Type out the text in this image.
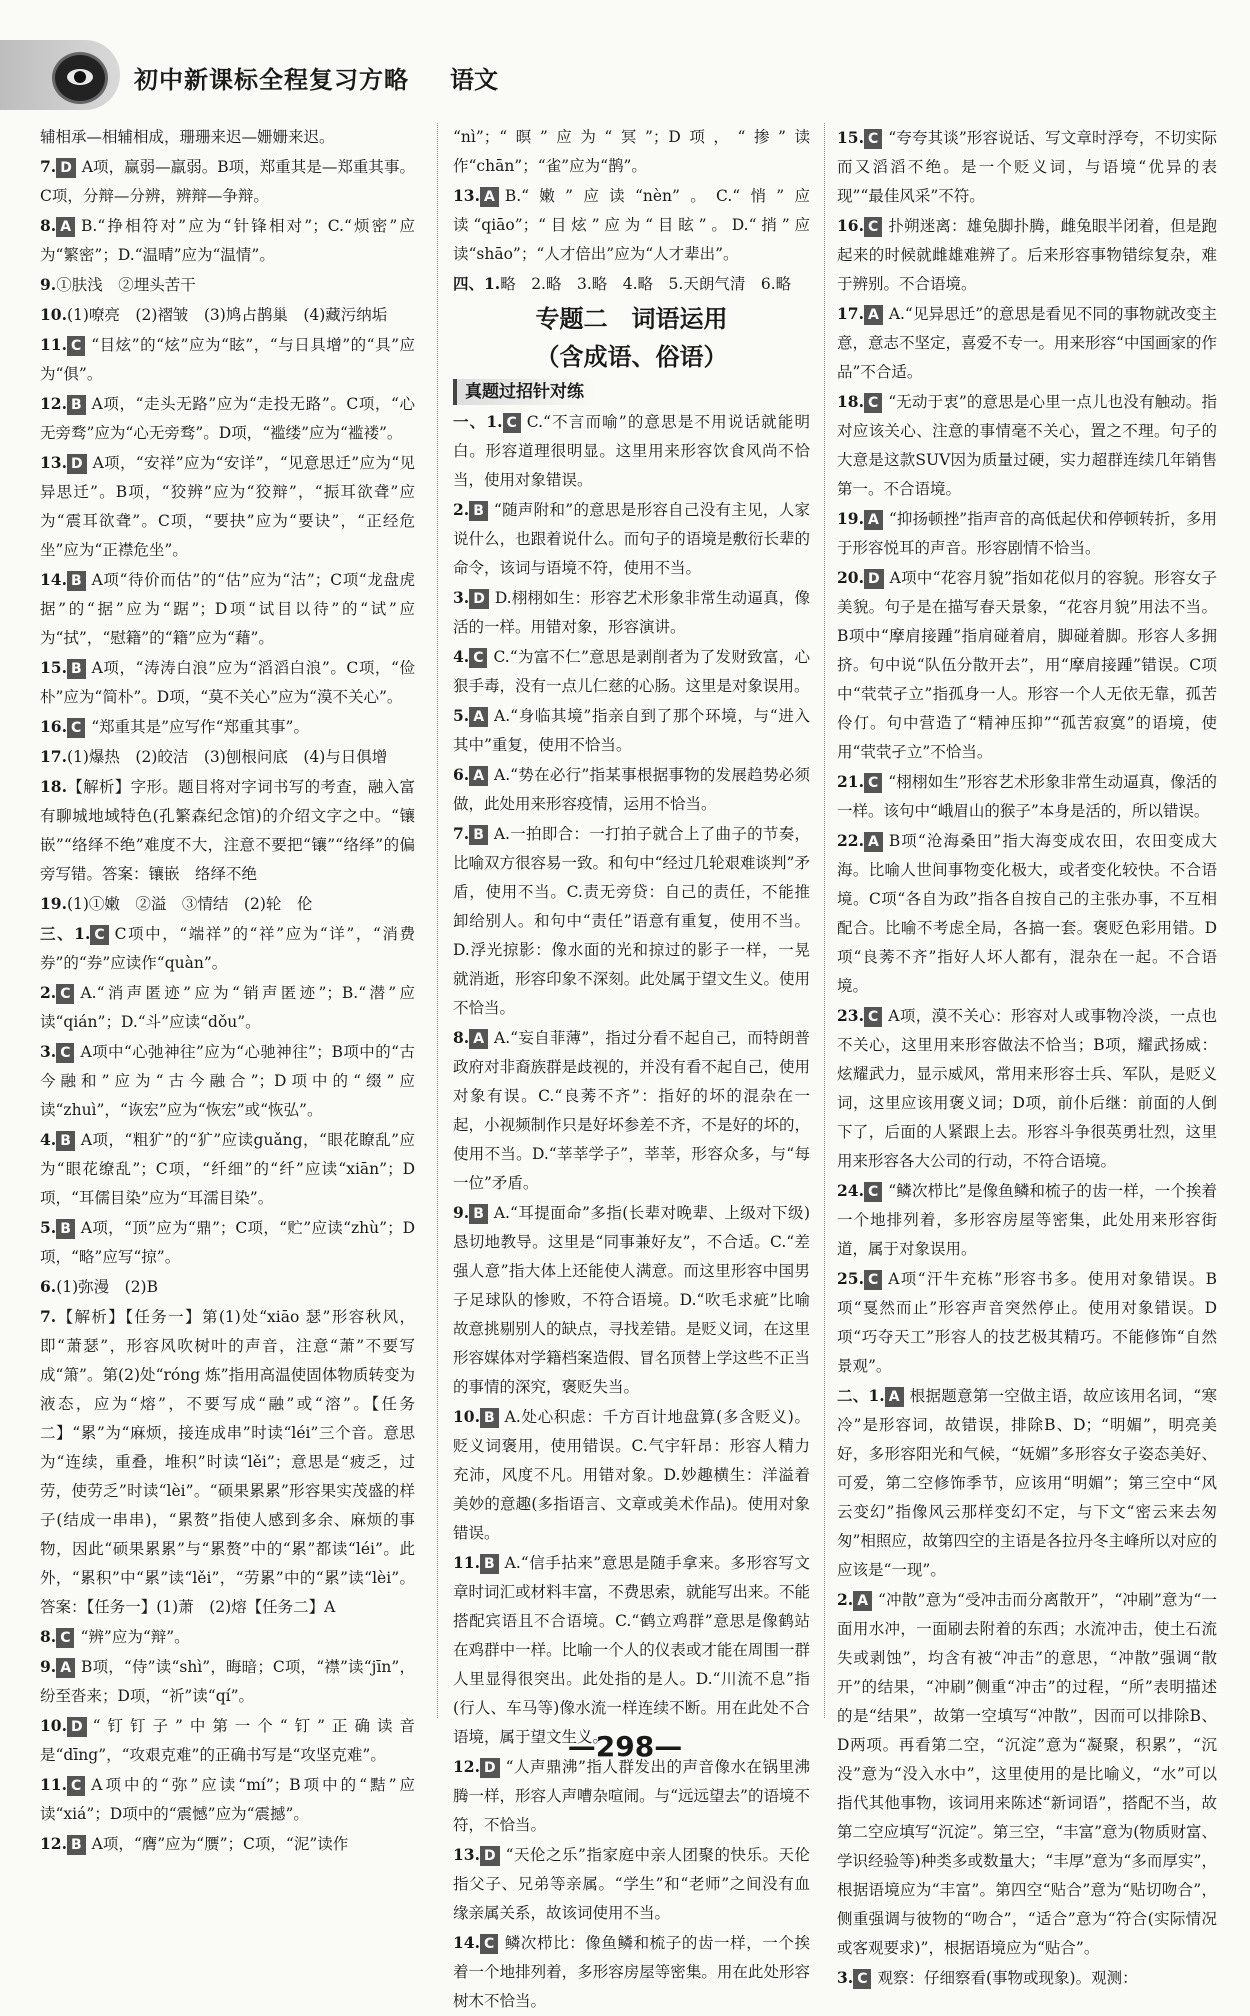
初中新课标全程复习方略 语文

辅相承—相辅相成，珊珊来迟—姗姗来迟。

7. D A项，赢弱—羸弱。B项，郑重其是—郑重其事。C项，分辩—分辨，辨辩—争辩。

8. A B.“挣相符对”应为“针锋相对”；C.“烦密”应为“繁密”；D.“温晴”应为“温情”。

9.①肤浅　②埋头苦干

10.(1)嘹亮　(2)褶皱　(3)鸠占鹊巢　(4)藏污纳垢

11. C “目炫”的“炫”应为“眩”，“与日具增”的“具”应为“俱”。

12. B A项，“走头无路”应为“走投无路”。C项，“心无旁骛”应为“心无旁骛”。D项，“褴缕”应为“褴褛”。

13. D A项，“安祥”应为“安详”，“见意思迁”应为“见异思迁”。B项，“狡辨”应为“狡辩”，“振耳欲聋”应为“震耳欲聋”。C项，“要抉”应为“要诀”，“正经危坐”应为“正襟危坐”。

14. B A项“待价而估”的“估”应为“沽”；C项“龙盘虎据”的“据”应为“踞”；D项“试目以待”的“试”应为“拭”，“慰籍”的“籍”应为“藉”。

15. B A项，“涛涛白浪”应为“滔滔白浪”。C项，“俭朴”应为“简朴”。D项，“莫不关心”应为“漠不关心”。

16. C “郑重其是”应写作“郑重其事”。

17.(1)爆热　(2)皎洁　(3)刨根问底　(4)与日俱增

18.【解析】字形。题目将对字词书写的考查，融入富有聊城地域特色(孔繁森纪念馆)的介绍文字之中。“镶嵌”“络绎不绝”难度不大，注意不要把“镶”“络绎”的偏旁写错。答案：镶嵌　络绎不绝

19.(1)①嫩　②溢　③情结　(2)轮　伦

三、1. C C项中，“端祥”的“祥”应为“详”，“消费券”的“券”应读作“quàn”。

2. C A.“消声匿迹”应为“销声匿迹”；B.“潜”应读“qián”；D.“斗”应读“dǒu”。

3. C A项中“心弛神往”应为“心驰神往”；B项中的“古今融和”应为“古今融合”；D项中的“缀”应读“zhuì”，“诙宏”应为“恢宏”或“恢弘”。

4. B A项，“粗犷”的“犷”应读guǎng，“眼花瞭乱”应为“眼花缭乱”；C项，“纤细”的“纤”应读“xiān”；D项，“耳儒目染”应为“耳濡目染”。

5. B A项，“顶”应为“鼎”；C项，“贮”应读“zhù”；D项，“略”应写“掠”。

6.(1)弥漫　(2)B

7.【解析】【任务一】第(1)处“xiāo 瑟”形容秋风，即“萧瑟”，形容风吹树叶的声音，注意“萧”不要写成“箫”。第(2)处“róng 炼”指用高温使固体物质转变为液态，应为“熔”，不要写成“融”或“溶”。【任务二】“累”为“麻烦，接连成串”时读“léi”三个音。意思为“连续，重叠，堆积”时读“lěi”；意思是“疲乏，过劳，使劳乏”时读“lèi”。“硕果累累”形容果实茂盛的样子(结成一串串)，“累赘”指使人感到多余、麻烦的事物，因此“硕果累累”与“累赘”中的“累”都读“léi”。此外，“累积”中“累”读“lěi”，“劳累”中的“累”读“lèi”。答案：【任务一】(1)萧　(2)熔【任务二】A

8. C “辨”应为“辩”。

9. A B项，“侍”读“shì”，晦暗；C项，“襟”读“jīn”，纷至沓来；D项，“祈”读“qí”。

10. D “钉钉子”中第一个“钉”正确读音是“dīng”，“攻艰克难”的正确书写是“攻坚克难”。

11. C A项中的“弥”应读“mí”；B项中的“黠”应读“xiá”；D项中的“震憾”应为“震撼”。

12. B A项，“膺”应为“赝”；C项，“泥”读作

“nì”；“暝”应为“冥”；D项，“掺”读作“chān”；“雀”应为“鹊”。

13. A B.“嫩”应读“nèn”。C.“悄”应读“qiāo”；“目炫”应为“目眩”。D.“捎”应读“shāo”；“人才倍出”应为“人才辈出”。

四、1.略　2.略　3.略　4.略　5.天朗气清　6.略

专题二　词语运用
（含成语、俗语）
真题过招针对练

一、1. C C.“不言而喻”的意思是不用说话就能明白。形容道理很明显。这里用来形容饮食风尚不恰当，使用对象错误。

2. B “随声附和”的意思是形容自己没有主见，人家说什么，也跟着说什么。而句子的语境是敷衍长辈的命令，该词与语境不符，使用不当。

3. D D.栩栩如生：形容艺术形象非常生动逼真，像活的一样。用错对象，形容演讲。

4. C C.“为富不仁”意思是剥削者为了发财致富，心狠手毒，没有一点儿仁慈的心肠。这里是对象误用。

5. A A.“身临其境”指亲自到了那个环境，与“进入其中”重复，使用不恰当。

6. A A.“势在必行”指某事根据事物的发展趋势必须做，此处用来形容疫情，运用不恰当。

7. B A.一拍即合：一打拍子就合上了曲子的节奏，比喻双方很容易一致。和句中“经过几轮艰难谈判”矛盾，使用不当。C.责无旁贷：自己的责任，不能推卸给别人。和句中“责任”语意有重复，使用不当。D.浮光掠影：像水面的光和掠过的影子一样，一晃就消逝，形容印象不深刻。此处属于望文生义。使用不恰当。

8. A A.“妄自菲薄”，指过分看不起自己，而特朗普政府对非裔族群是歧视的，并没有看不起自己，使用对象有误。C.“良莠不齐”：指好的坏的混杂在一起，小视频制作只是好坏参差不齐，不是好的坏的，使用不当。D.“莘莘学子”，莘莘，形容众多，与“每一位”矛盾。

9. B A.“耳提面命”多指(长辈对晚辈、上级对下级)恳切地教导。这里是“同事兼好友”，不合适。C.“差强人意”指大体上还能使人满意。而这里形容中国男子足球队的惨败，不符合语境。D.“吹毛求疵”比喻故意挑剔别人的缺点，寻找差错。是贬义词，在这里形容媒体对学籍档案造假、冒名顶替上学这些不正当的事情的深究，褒贬失当。

10. B A.处心积虑：千方百计地盘算(多含贬义)。贬义词褒用，使用错误。C.气宇轩昂：形容人精力充沛，风度不凡。用错对象。D.妙趣横生：洋溢着美妙的意趣(多指语言、文章或美术作品)。使用对象错误。

11. B A.“信手拈来”意思是随手拿来。多形容写文章时词汇或材料丰富，不费思索，就能写出来。不能搭配宾语且不合语境。C.“鹤立鸡群”意思是像鹤站在鸡群中一样。比喻一个人的仪表或才能在周围一群人里显得很突出。此处指的是人。D.“川流不息”指(行人、车马等)像水流一样连续不断。用在此处不合语境，属于望文生义。

12. D “人声鼎沸”指人群发出的声音像水在锅里沸腾一样，形容人声嘈杂喧闹。与“远远望去”的语境不符，不恰当。

13. D “天伦之乐”指家庭中亲人团聚的快乐。天伦指父子、兄弟等亲属。“学生”和“老师”之间没有血缘亲属关系，故该词使用不当。

14. C 鳞次栉比：像鱼鳞和梳子的齿一样，一个挨着一个地排列着，多形容房屋等密集。用在此处形容树木不恰当。

15. C “夸夸其谈”形容说话、写文章时浮夸，不切实际而又滔滔不绝。是一个贬义词，与语境“优异的表现”“最佳风采”不符。

16. C 扑朔迷离：雄兔脚扑腾，雌兔眼半闭着，但是跑起来的时候就雌雄难辨了。后来形容事物错综复杂，难于辨别。不合语境。

17. A A.“见异思迁”的意思是看见不同的事物就改变主意，意志不坚定，喜爱不专一。用来形容“中国画家的作品”不合适。

18. C “无动于衷”的意思是心里一点儿也没有触动。指对应该关心、注意的事情毫不关心，置之不理。句子的大意是这款SUV因为质量过硬，实力超群连续几年销售第一。不合语境。

19. A “抑扬顿挫”指声音的高低起伏和停顿转折，多用于形容悦耳的声音。形容剧情不恰当。

20. D A项中“花容月貌”指如花似月的容貌。形容女子美貌。句子是在描写春天景象，“花容月貌”用法不当。B项中“摩肩接踵”指肩碰着肩，脚碰着脚。形容人多拥挤。句中说“队伍分散开去”，用“摩肩接踵”错误。C项中“茕茕孑立”指孤身一人。形容一个人无依无靠，孤苦伶仃。句中营造了“精神压抑”“孤苦寂寞”的语境，使用“茕茕孑立”不恰当。

21. C “栩栩如生”形容艺术形象非常生动逼真，像活的一样。该句中“峨眉山的猴子”本身是活的，所以错误。

22. A B项“沧海桑田”指大海变成农田，农田变成大海。比喻人世间事物变化极大，或者变化较快。不合语境。C项“各自为政”指各自按自己的主张办事，不互相配合。比喻不考虑全局，各搞一套。褒贬色彩用错。D项“良莠不齐”指好人坏人都有，混杂在一起。不合语境。

23. C A项，漠不关心：形容对人或事物冷淡，一点也不关心，这里用来形容做法不恰当；B项，耀武扬威：炫耀武力，显示威风，常用来形容士兵、军队，是贬义词，这里应该用褒义词；D项，前仆后继：前面的人倒下了，后面的人紧跟上去。形容斗争很英勇壮烈，这里用来形容各大公司的行动，不符合语境。

24. C “鳞次栉比”是像鱼鳞和梳子的齿一样，一个挨着一个地排列着，多形容房屋等密集，此处用来形容街道，属于对象误用。

25. C A项“汗牛充栋”形容书多。使用对象错误。B项“戛然而止”形容声音突然停止。使用对象错误。D项“巧夺天工”形容人的技艺极其精巧。不能修饰“自然景观”。

二、1. A 根据题意第一空做主语，故应该用名词，“寒冷”是形容词，故错误，排除B、D；“明媚”，明亮美好，多形容阳光和气候，“妩媚”多形容女子姿态美好、可爱，第二空修饰季节，应该用“明媚”；第三空中“风云变幻”指像风云那样变幻不定，与下文“密云来去匆匆”相照应，故第四空的主语是各拉丹冬主峰所以对应的应该是“一现”。

2. A “冲散”意为“受冲击而分离散开”，“冲刷”意为“一面用水冲，一面刷去附着的东西；水流冲击，使土石流失或剥蚀”，均含有被“冲击”的意思，“冲散”强调“散开”的结果，“冲刷”侧重“冲击”的过程，“所”表明描述的是“结果”，故第一空填写“冲散”，因而可以排除B、D两项。再看第二空，“沉淀”意为“凝聚，积累”，“沉没”意为“没入水中”，这里使用的是比喻义，“水”可以指代其他事物，该词用来陈述“新词语”，搭配不当，故第二空应填写“沉淀”。第三空，“丰富”意为(物质财富、学识经验等)种类多或数量大；“丰厚”意为“多而厚实”，根据语境应为“丰富”。第四空“贴合”意为“贴切吻合”，侧重强调与彼物的“吻合”，“适合”意为“符合(实际情况或客观要求)”，根据语境应为“贴合”。

3. C 观察：仔细察看(事物或现象)。观测：

—298—
